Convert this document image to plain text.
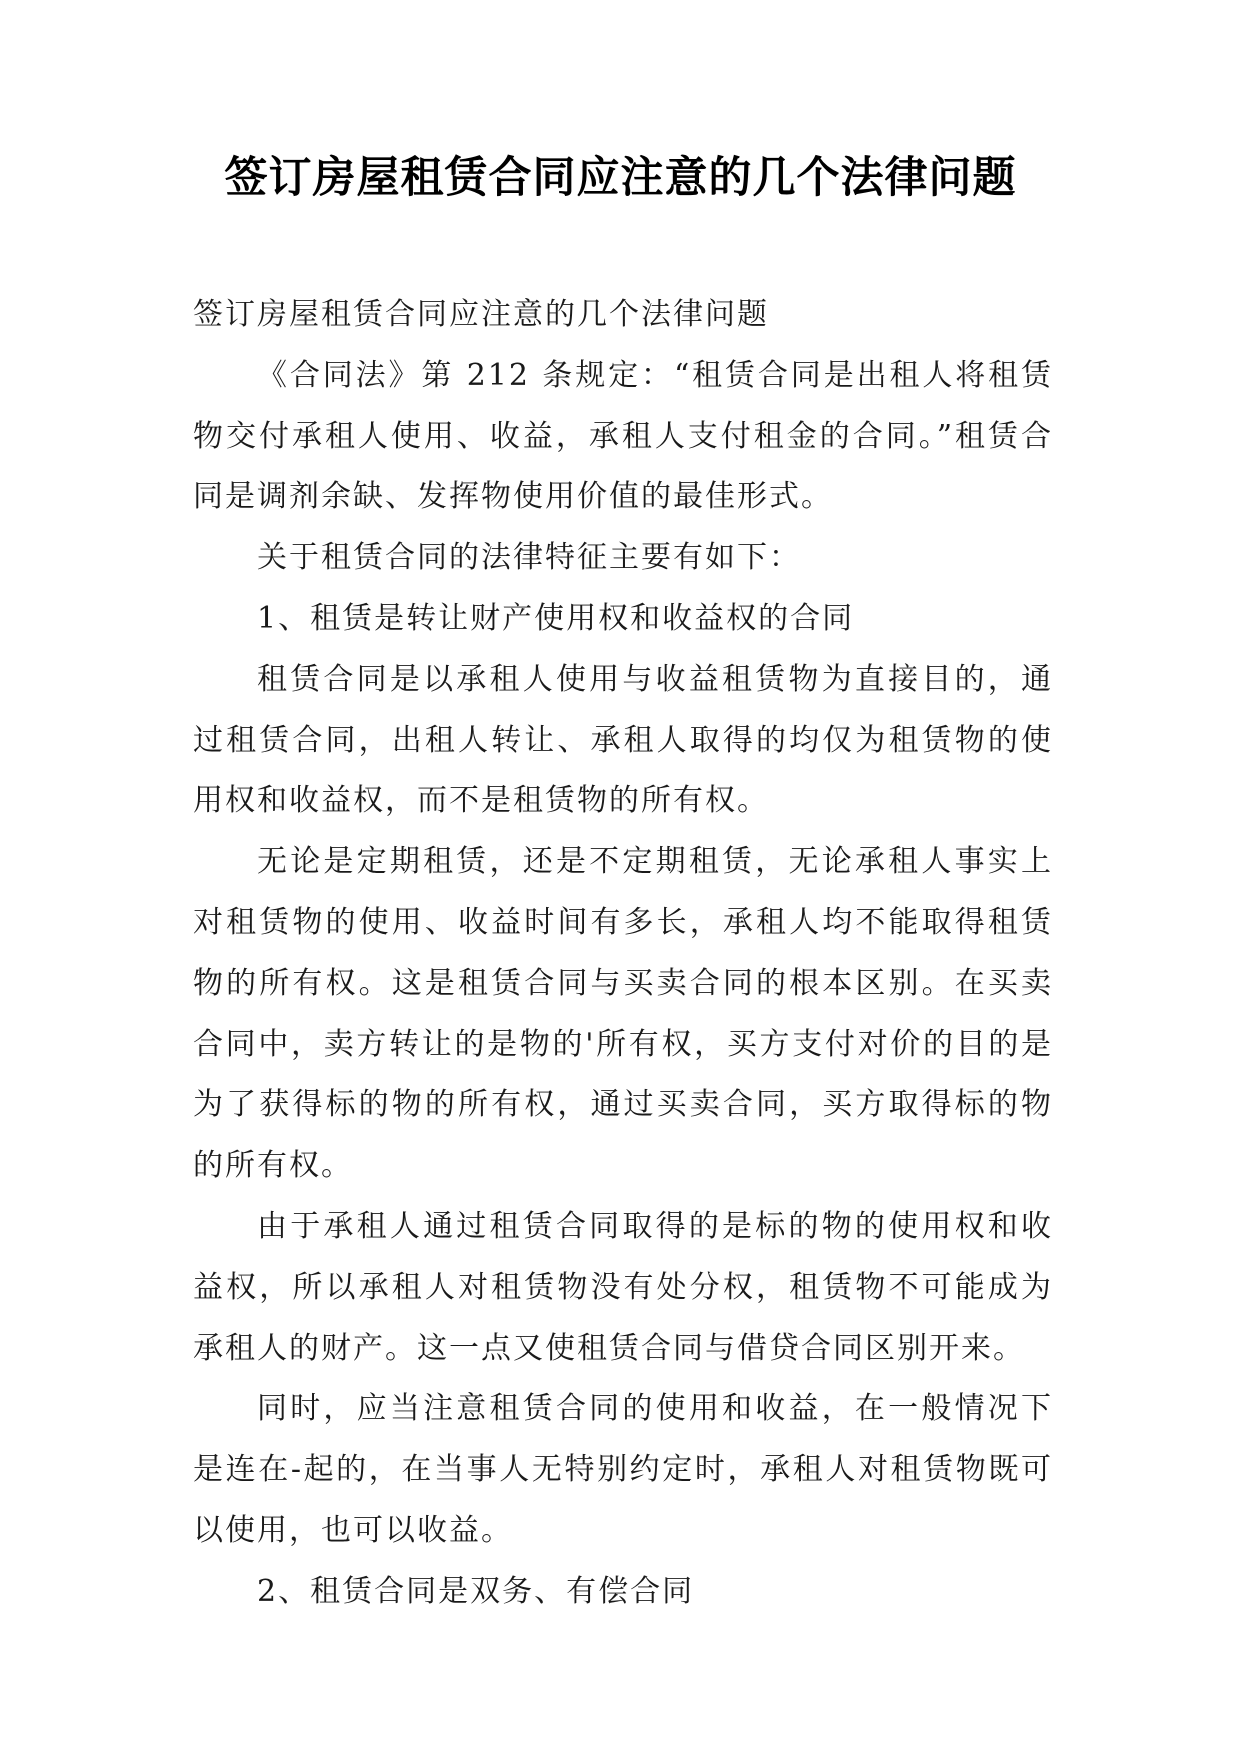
签订房屋租赁合同应注意的几个法律问题

签订房屋租赁合同应注意的几个法律问题

《合同法》第 212 条规定：“租赁合同是出租人将租赁物交付承租人使用、收益，承租人支付租金的合同。”租赁合同是调剂余缺、发挥物使用价值的最佳形式。

关于租赁合同的法律特征主要有如下：

1、租赁是转让财产使用权和收益权的合同

租赁合同是以承租人使用与收益租赁物为直接目的，通过租赁合同，出租人转让、承租人取得的均仅为租赁物的使用权和收益权，而不是租赁物的所有权。

无论是定期租赁，还是不定期租赁，无论承租人事实上对租赁物的使用、收益时间有多长，承租人均不能取得租赁物的所有权。这是租赁合同与买卖合同的根本区别。在买卖合同中，卖方转让的是物的'所有权，买方支付对价的目的是为了获得标的物的所有权，通过买卖合同，买方取得标的物的所有权。

由于承租人通过租赁合同取得的是标的物的使用权和收益权，所以承租人对租赁物没有处分权，租赁物不可能成为承租人的财产。这一点又使租赁合同与借贷合同区别开来。

同时，应当注意租赁合同的使用和收益，在一般情况下是连在-起的，在当事人无特别约定时，承租人对租赁物既可以使用，也可以收益。

2、租赁合同是双务、有偿合同
